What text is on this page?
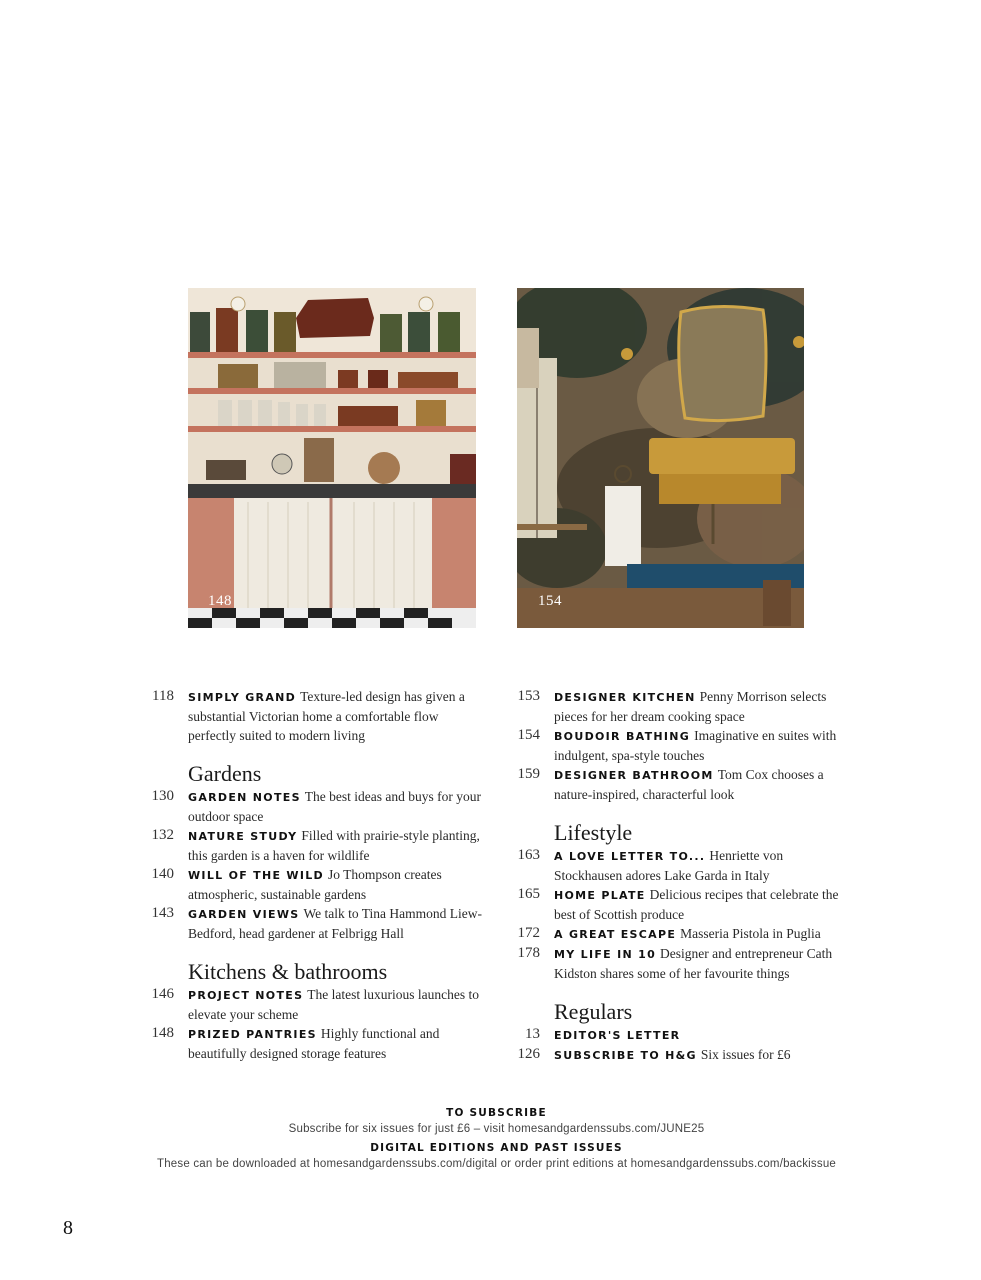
148	154
118 SIMPLY GRAND Texture-led design has given a substantial Victorian home a comfortable flow perfectly suited to modern living
Gardens
130 GARDEN NOTES The best ideas and buys for your outdoor space
132 NATURE STUDY Filled with prairie-style planting, this garden is a haven for wildlife
140 WILL OF THE WILD Jo Thompson creates atmospheric, sustainable gardens
143 GARDEN VIEWS We talk to Tina Hammond Liew-Bedford, head gardener at Felbrigg Hall
Kitchens & bathrooms
146 PROJECT NOTES The latest luxurious launches to elevate your scheme
148 PRIZED PANTRIES Highly functional and beautifully designed storage features
153 DESIGNER KITCHEN Penny Morrison selects pieces for her dream cooking space
154 BOUDOIR BATHING Imaginative en suites with indulgent, spa-style touches
159 DESIGNER BATHROOM Tom Cox chooses a nature-inspired, characterful look
Lifestyle
163 A LOVE LETTER TO... Henriette von Stockhausen adores Lake Garda in Italy
165 HOME PLATE Delicious recipes that celebrate the best of Scottish produce
172 A GREAT ESCAPE Masseria Pistola in Puglia
178 MY LIFE IN 10 Designer and entrepreneur Cath Kidston shares some of her favourite things
Regulars
13 EDITOR'S LETTER
126 SUBSCRIBE TO H&G Six issues for £6
TO SUBSCRIBE
Subscribe for six issues for just £6 – visit homesandgardenssubs.com/JUNE25
DIGITAL EDITIONS AND PAST ISSUES
These can be downloaded at homesandgardenssubs.com/digital or order print editions at homesandgardenssubs.com/backissue
8
